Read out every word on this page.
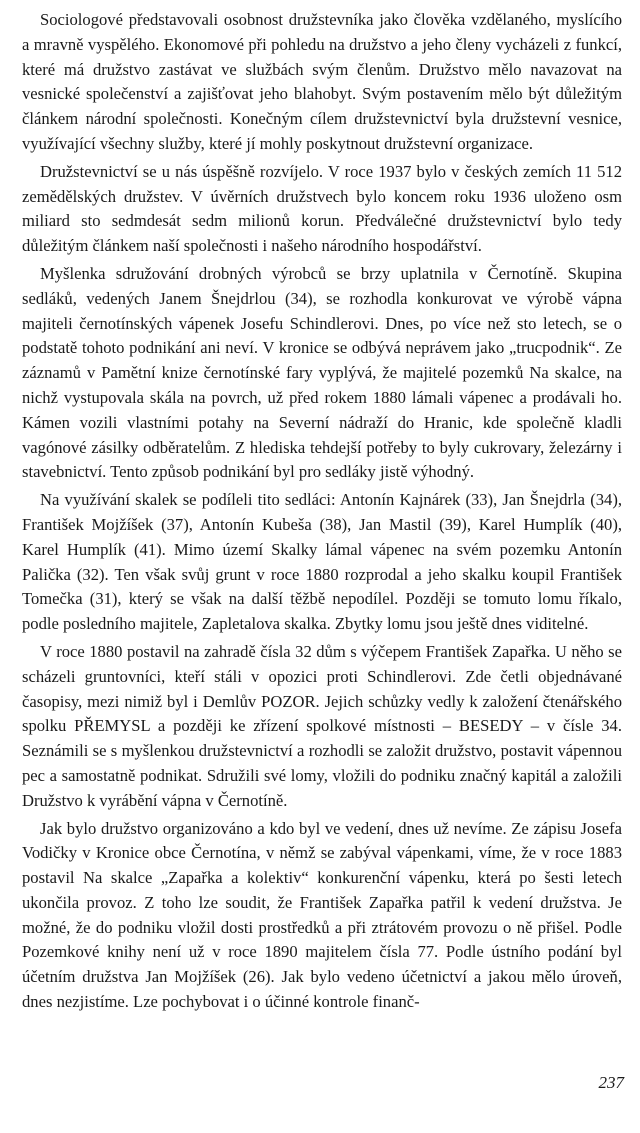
Sociologové představovali osobnost družstevníka jako člověka vzdělaného, myslícího a mravně vyspělého. Ekonomové při pohledu na družstvo a jeho členy vycházeli z funkcí, které má družstvo zastávat ve službách svým členům. Družstvo mělo navazovat na vesnické společenství a zajišťovat jeho blahobyt. Svým postavením mělo být důležitým článkem národní společnosti. Konečným cílem družstevnictví byla družstevní vesnice, využívající všechny služby, které jí mohly poskytnout družstevní organizace.

Družstevnictví se u nás úspěšně rozvíjelo. V roce 1937 bylo v českých zemích 11 512 zemědělských družstev. V úvěrních družstvech bylo koncem roku 1936 uloženo osm miliard sto sedmdesát sedm milionů korun. Předválečné družstevnictví bylo tedy důležitým článkem naší společnosti i našeho národního hospodářství.

Myšlenka sdružování drobných výrobců se brzy uplatnila v Černotíně. Skupina sedláků, vedených Janem Šnejdrlou (34), se rozhodla konkurovat ve výrobě vápna majiteli černotínských vápenek Josefu Schindlerovi. Dnes, po více než sto letech, se o podstatě tohoto podnikání ani neví. V kronice se odbývá neprávem jako „trucpodnik“. Ze záznamů v Pamětní knize černotínské fary vyplývá, že majitelé pozemků Na skalce, na nichž vystupovala skála na povrch, už před rokem 1880 lámali vápenec a prodávali ho. Kámen vozili vlastními potahy na Severní nádraží do Hranic, kde společně kladli vagónové zásilky odběratelům. Z hlediska tehdejší potřeby to byly cukrovary, železárny i stavebnictví. Tento způsob podnikání byl pro sedláky jistě výhodný.

Na využívání skalek se podíleli tito sedláci: Antonín Kajnárek (33), Jan Šnejdrla (34), František Mojžíšek (37), Antonín Kubeša (38), Jan Mastil (39), Karel Humplík (40), Karel Humplík (41). Mimo území Skalky lámal vápenec na svém pozemku Antonín Palička (32). Ten však svůj grunt v roce 1880 rozprodal a jeho skalku koupil František Tomečka (31), který se však na další těžbě nepodílel. Později se tomuto lomu říkalo, podle posledního majitele, Zapletalova skalka. Zbytky lomu jsou ještě dnes viditelné.

V roce 1880 postavil na zahradě čísla 32 dům s výčepem František Zapařka. U něho se scházeli gruntovníci, kteří stáli v opozici proti Schindlerovi. Zde četli objednávané časopisy, mezi nimiž byl i Demlův POZOR. Jejich schůzky vedly k založení čtenářského spolku PŘEMYSL a později ke zřízení spolkové místnosti – BESEDY – v čísle 34. Seznámili se s myšlenkou družstevnictví a rozhodli se založit družstvo, postavit vápennou pec a samostatně podnikat. Sdružili své lomy, vložili do podniku značný kapitál a založili Družstvo k vyrábění vápna v Černotíně.

Jak bylo družstvo organizováno a kdo byl ve vedení, dnes už nevíme. Ze zápisu Josefa Vodičky v Kronice obce Černotína, v němž se zabýval vápenkami, víme, že v roce 1883 postavil Na skalce „Zapařka a kolektiv“ konkurenční vápenku, která po šesti letech ukončila provoz. Z toho lze soudit, že František Zapařka patřil k vedení družstva. Je možné, že do podniku vložil dosti prostředků a při ztrátovém provozu o ně přišel. Podle Pozemkové knihy není už v roce 1890 majitelem čísla 77. Podle ústního podání byl účetním družstva Jan Mojžíšek (26). Jak bylo vedeno účetnictví a jakou mělo úroveň, dnes nezjistíme. Lze pochybovat i o účinné kontrole finanč-

237
